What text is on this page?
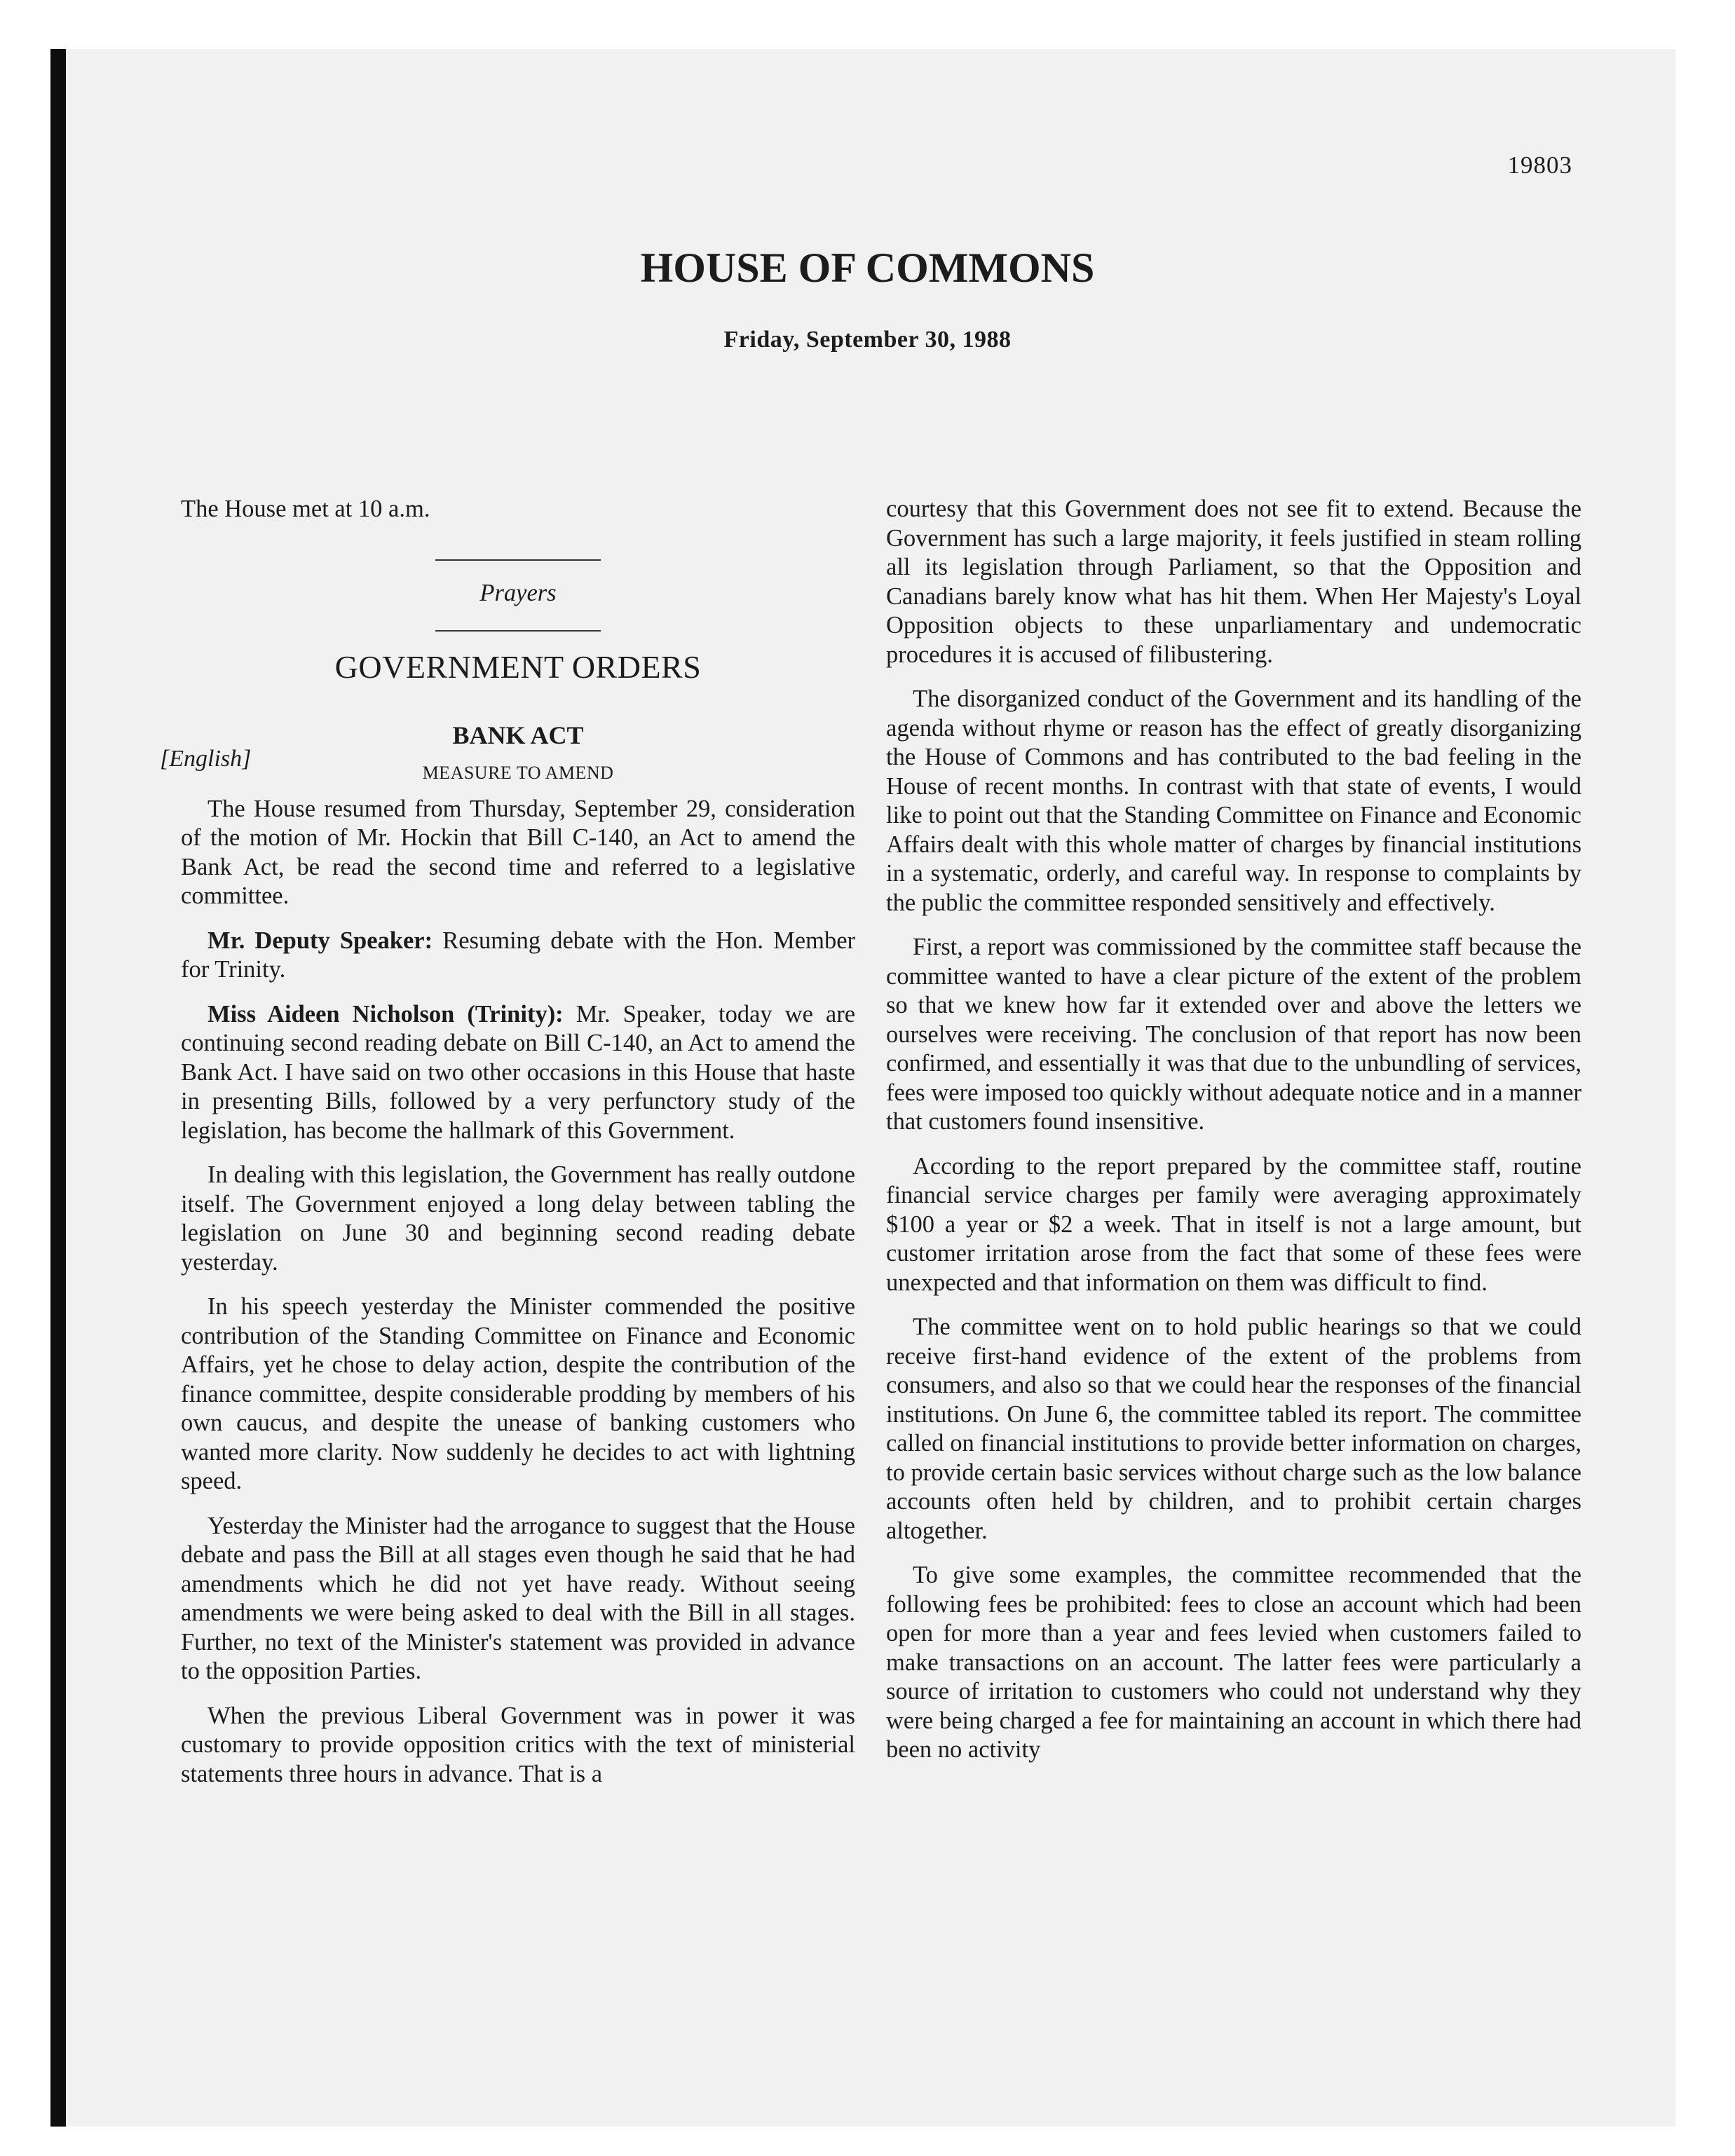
19803
HOUSE OF COMMONS
Friday, September 30, 1988
[English]

The House met at 10 a.m.

Prayers
GOVERNMENT ORDERS
BANK ACT
MEASURE TO AMEND

The House resumed from Thursday, September 29, consideration of the motion of Mr. Hockin that Bill C-140, an Act to amend the Bank Act, be read the second time and referred to a legislative committee.

Mr. Deputy Speaker: Resuming debate with the Hon. Member for Trinity.

Miss Aideen Nicholson (Trinity): Mr. Speaker, today we are continuing second reading debate on Bill C-140, an Act to amend the Bank Act. I have said on two other occasions in this House that haste in presenting Bills, followed by a very perfunctory study of the legislation, has become the hallmark of this Government.

In dealing with this legislation, the Government has really outdone itself. The Government enjoyed a long delay between tabling the legislation on June 30 and beginning second reading debate yesterday.

In his speech yesterday the Minister commended the positive contribution of the Standing Committee on Finance and Economic Affairs, yet he chose to delay action, despite the contribution of the finance committee, despite considerable prodding by members of his own caucus, and despite the unease of banking customers who wanted more clarity. Now suddenly he decides to act with lightning speed.

Yesterday the Minister had the arrogance to suggest that the House debate and pass the Bill at all stages even though he said that he had amendments which he did not yet have ready. Without seeing amendments we were being asked to deal with the Bill in all stages. Further, no text of the Minister's statement was provided in advance to the opposition Parties.

When the previous Liberal Government was in power it was customary to provide opposition critics with the text of ministerial statements three hours in advance. That is a

courtesy that this Government does not see fit to extend. Because the Government has such a large majority, it feels justified in steam rolling all its legislation through Parliament, so that the Opposition and Canadians barely know what has hit them. When Her Majesty's Loyal Opposition objects to these unparliamentary and undemocratic procedures it is accused of filibustering.

The disorganized conduct of the Government and its handling of the agenda without rhyme or reason has the effect of greatly disorganizing the House of Commons and has contributed to the bad feeling in the House of recent months. In contrast with that state of events, I would like to point out that the Standing Committee on Finance and Economic Affairs dealt with this whole matter of charges by financial institutions in a systematic, orderly, and careful way. In response to complaints by the public the committee responded sensitively and effectively.

First, a report was commissioned by the committee staff because the committee wanted to have a clear picture of the extent of the problem so that we knew how far it extended over and above the letters we ourselves were receiving. The conclusion of that report has now been confirmed, and essentially it was that due to the unbundling of services, fees were imposed too quickly without adequate notice and in a manner that customers found insensitive.

According to the report prepared by the committee staff, routine financial service charges per family were averaging approximately $100 a year or $2 a week. That in itself is not a large amount, but customer irritation arose from the fact that some of these fees were unexpected and that information on them was difficult to find.

The committee went on to hold public hearings so that we could receive first-hand evidence of the extent of the problems from consumers, and also so that we could hear the responses of the financial institutions. On June 6, the committee tabled its report. The committee called on financial institutions to provide better information on charges, to provide certain basic services without charge such as the low balance accounts often held by children, and to prohibit certain charges altogether.

To give some examples, the committee recommended that the following fees be prohibited: fees to close an account which had been open for more than a year and fees levied when customers failed to make transactions on an account. The latter fees were particularly a source of irritation to customers who could not understand why they were being charged a fee for maintaining an account in which there had been no activity
